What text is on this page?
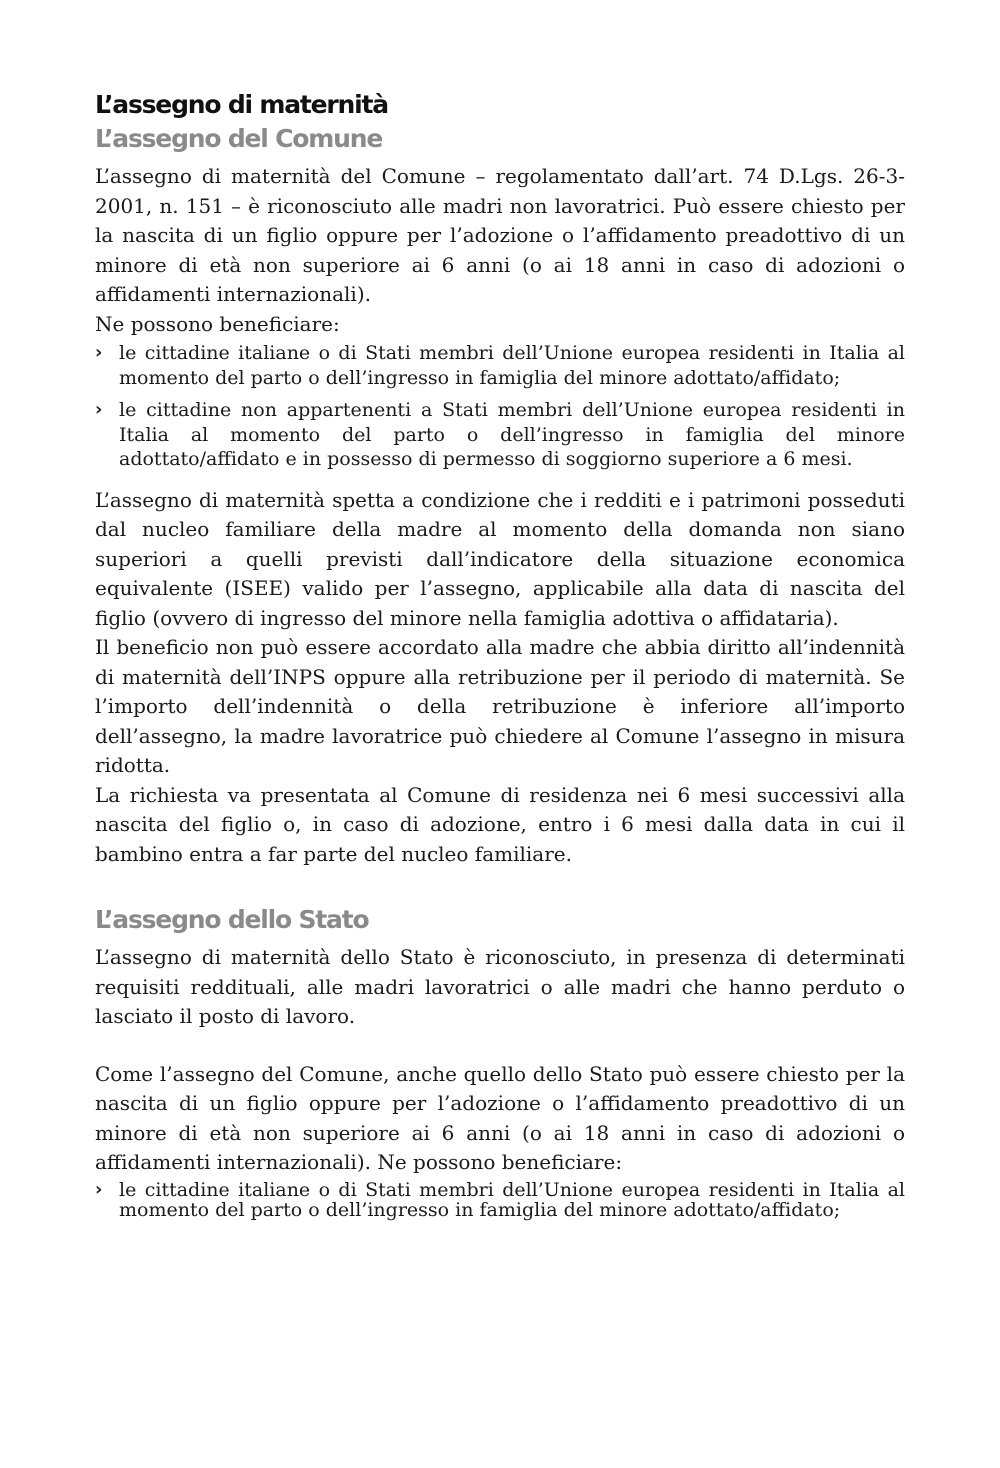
L’assegno di maternità
L’assegno del Comune

L’assegno di maternità del Comune – regolamentato dall’art. 74 D.Lgs. 26-3-2001, n. 151 – è riconosciuto alle madri non lavoratrici. Può essere chiesto per la nascita di un figlio oppure per l’adozione o l’affidamento preadottivo di un minore di età non superiore ai 6 anni (o ai 18 anni in caso di adozioni o affidamenti internazionali).

Ne possono beneficiare:

› le cittadine italiane o di Stati membri dell’Unione europea residenti in Italia al momento del parto o dell’ingresso in famiglia del minore adottato/affidato;
› le cittadine non appartenenti a Stati membri dell’Unione europea residenti in Italia al momento del parto o dell’ingresso in famiglia del minore adottato/affidato e in possesso di permesso di soggiorno superiore a 6 mesi.

L’assegno di maternità spetta a condizione che i redditi e i patrimoni posseduti dal nucleo familiare della madre al momento della domanda non siano superiori a quelli previsti dall’indicatore della situazione economica equivalente (ISEE) valido per l’assegno, applicabile alla data di nascita del figlio (ovvero di ingresso del minore nella famiglia adottiva o affidataria).

Il beneficio non può essere accordato alla madre che abbia diritto all’indennità di maternità dell’INPS oppure alla retribuzione per il periodo di maternità. Se l’importo dell’indennità o della retribuzione è inferiore all’importo dell’assegno, la madre lavoratrice può chiedere al Comune l’assegno in misura ridotta.

La richiesta va presentata al Comune di residenza nei 6 mesi successivi alla nascita del figlio o, in caso di adozione, entro i 6 mesi dalla data in cui il bambino entra a far parte del nucleo familiare.

L’assegno dello Stato

L’assegno di maternità dello Stato è riconosciuto, in presenza di determinati requisiti reddituali, alle madri lavoratrici o alle madri che hanno perduto o lasciato il posto di lavoro.

Come l’assegno del Comune, anche quello dello Stato può essere chiesto per la nascita di un figlio oppure per l’adozione o l’affidamento preadottivo di un minore di età non superiore ai 6 anni (o ai 18 anni in caso di adozioni o affidamenti internazionali). Ne possono beneficiare:

› le cittadine italiane o di Stati membri dell’Unione europea residenti in Italia al momento del parto o dell’ingresso in famiglia del minore adottato/affidato;
